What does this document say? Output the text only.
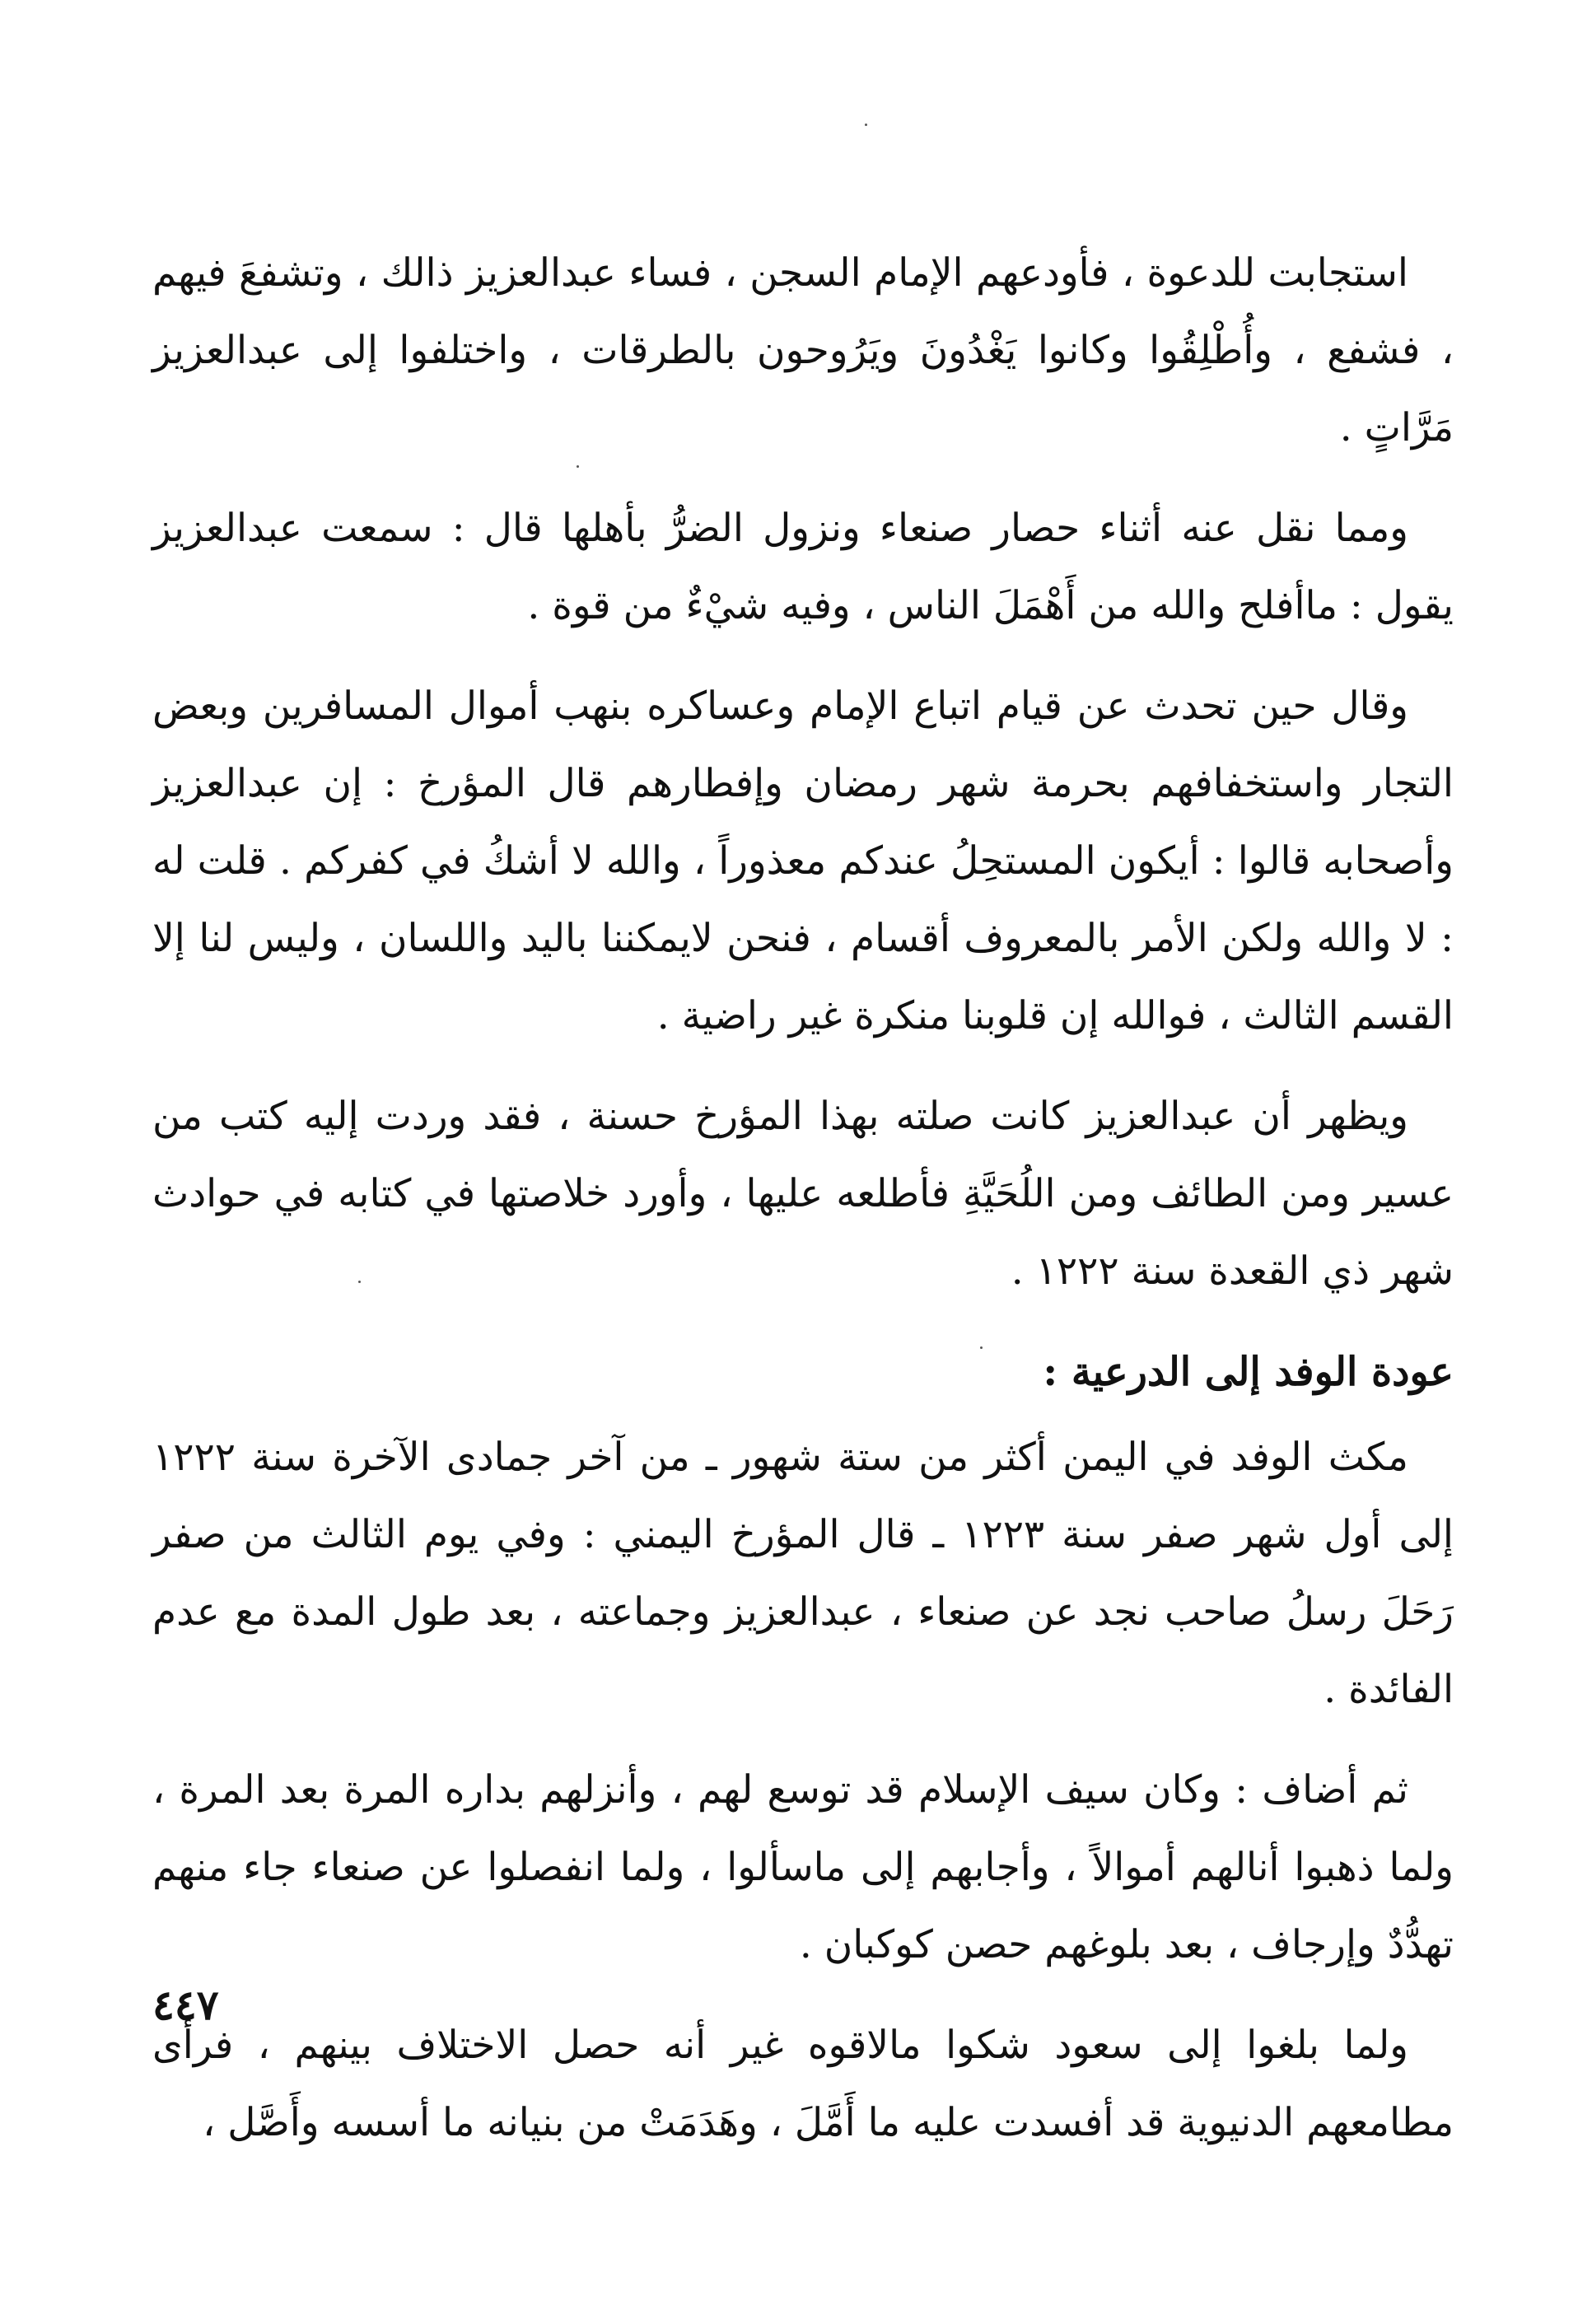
استجابت للدعوة ، فأودعهم الإمام السجن ، فساء عبدالعزيز ذالك ، وتشفعَ فيهم ، فشفع ، وأُطْلِقُوا وكانوا يَغْدُونَ ويَرُوحون بالطرقات ، واختلفوا إلى عبدالعزيز مَرَّاتٍ .

ومما نقل عنه أثناء حصار صنعاء ونزول الضرُّ بأهلها قال : سمعت عبدالعزيز يقول : ماأفلح والله من أَهْمَلَ الناس ، وفيه شيْءٌ من قوة .

وقال حين تحدث عن قيام اتباع الإمام وعساكره بنهب أموال المسافرين وبعض التجار واستخفافهم بحرمة شهر رمضان وإفطارهم قال المؤرخ : إن عبدالعزيز وأصحابه قالوا : أيكون المستحِلُ عندكم معذوراً ، والله لا أشكُ في كفركم . قلت له : لا والله ولكن الأمر بالمعروف أقسام ، فنحن لايمكننا باليد واللسان ، وليس لنا إلا القسم الثالث ، فوالله إن قلوبنا منكرة غير راضية .

ويظهر أن عبدالعزيز كانت صلته بهذا المؤرخ حسنة ، فقد وردت إليه كتب من عسير ومن الطائف ومن اللُحَيَّةِ فأطلعه عليها ، وأورد خلاصتها في كتابه في حوادث شهر ذي القعدة سنة ١٢٢٢ .

عودة الوفد إلى الدرعية :

مكث الوفد في اليمن أكثر من ستة شهور ـ من آخر جمادى الآخرة سنة ١٢٢٢ إلى أول شهر صفر سنة ١٢٢٣ ـ قال المؤرخ اليمني : وفي يوم الثالث من صفر رَحَلَ رسلُ صاحب نجد عن صنعاء ، عبدالعزيز وجماعته ، بعد طول المدة مع عدم الفائدة .

ثم أضاف : وكان سيف الإسلام قد توسع لهم ، وأنزلهم بداره المرة بعد المرة ، ولما ذهبوا أنالهم أموالاً ، وأجابهم إلى ماسألوا ، ولما انفصلوا عن صنعاء جاء منهم تهدُّدٌ وإرجاف ، بعد بلوغهم حصن كوكبان .

ولما بلغوا إلى سعود شكوا مالاقوه غير أنه حصل الاختلاف بينهم ، فرأى مطامعهم الدنيوية قد أفسدت عليه ما أَمَّلَ ، وهَدَمَتْ من بنيانه ما أسسه وأَصَّل ،

٤٤٧
